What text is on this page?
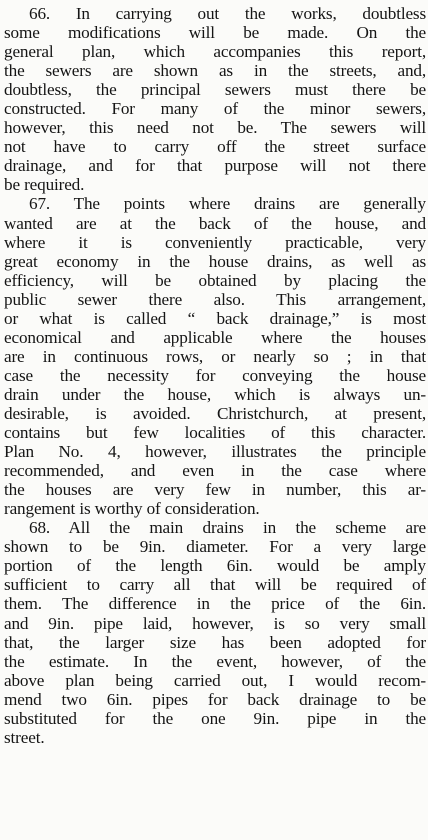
66. In carrying out the works, doubtless
some modifications will be made. On the
general plan, which accompanies this report,
the sewers are shown as in the streets, and,
doubtless, the principal sewers must there be
constructed. For many of the minor sewers,
however, this need not be. The sewers will
not have to carry off the street surface
drainage, and for that purpose will not there
be required.
67. The points where drains are generally
wanted are at the back of the house, and
where it is conveniently practicable, very
great economy in the house drains, as well as
efficiency, will be obtained by placing the
public sewer there also. This arrangement,
or what is called “ back drainage,” is most
economical and applicable where the houses
are in continuous rows, or nearly so ; in that
case the necessity for conveying the house
drain under the house, which is always un-
desirable, is avoided. Christchurch, at present,
contains but few localities of this character.
Plan No. 4, however, illustrates the principle
recommended, and even in the case where
the houses are very few in number, this ar-
rangement is worthy of consideration.
68. All the main drains in the scheme are
shown to be 9in. diameter. For a very large
portion of the length 6in. would be amply
sufficient to carry all that will be required of
them. The difference in the price of the 6in.
and 9in. pipe laid, however, is so very small
that, the larger size has been adopted for
the estimate. In the event, however, of the
above plan being carried out, I would recom-
mend two 6in. pipes for back drainage to be
substituted for the one 9in. pipe in the
street.
